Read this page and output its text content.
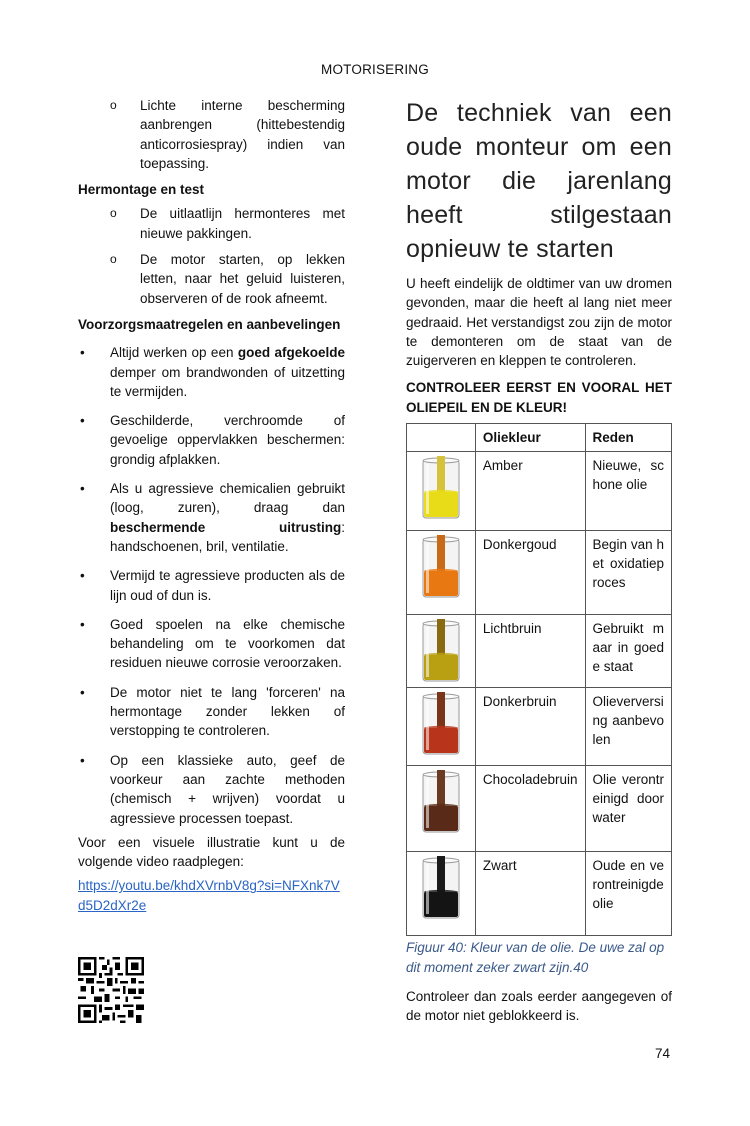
MOTORISERING
o	Lichte interne bescherming aanbrengen (hittebestendig anticorrosiespray) indien van toepassing.
Hermontage en test
o	De uitlaatlijn hermonteres met nieuwe pakkingen.
o	De motor starten, op lekken letten, naar het geluid luisteren, observeren of de rook afneemt.
Voorzorgsmaatregelen en aanbevelingen
•	Altijd werken op een goed afgekoelde demper om brandwonden of uitzetting te vermijden.
•	Geschilderde, verchroomde of gevoelige oppervlakken beschermen: grondig afplakken.
•	Als u agressieve chemicalien gebruikt (loog, zuren), draag dan beschermende uitrusting: handschoenen, bril, ventilatie.
•	Vermijd te agressieve producten als de lijn oud of dun is.
•	Goed spoelen na elke chemische behandeling om te voorkomen dat residuen nieuwe corrosie veroorzaken.
•	De motor niet te lang 'forceren' na hermontage zonder lekken of verstopping te controleren.
•	Op een klassieke auto, geef de voorkeur aan zachte methoden (chemisch + wrijven) voordat u agressieve processen toepast.
Voor een visuele illustratie kunt u de volgende video raadplegen:
https://youtu.be/khdXVrnbV8g?si=NFXnk7Vd5D2dXr2e
De techniek van een oude monteur om een motor die jarenlang heeft stilgestaan opnieuw te starten
U heeft eindelijk de oldtimer van uw dromen gevonden, maar die heeft al lang niet meer gedraaid. Het verstandigst zou zijn de motor te demonteren om de staat van de zuigerveren en kleppen te controleren.
CONTROLEER EERST EN VOORAL HET OLIEPEIL EN DE KLEUR!
	Oliekleur	Reden

	Amber	Nieuwe, schone olie

	Donkergoud	Begin van het oxidatieproces

	Lichtbruin	Gebruikt maar in goede staat

	Donkerbruin	Olieverversing aanbevolen

	Chocoladebruin	Olie verontreinigd door water

	Zwart	Oude en verontreinigde olie
Figuur 40: Kleur van de olie. De uwe zal op dit moment zeker zwart zijn.40
Controleer dan zoals eerder aangegeven of de motor niet geblokkeerd is.
74
